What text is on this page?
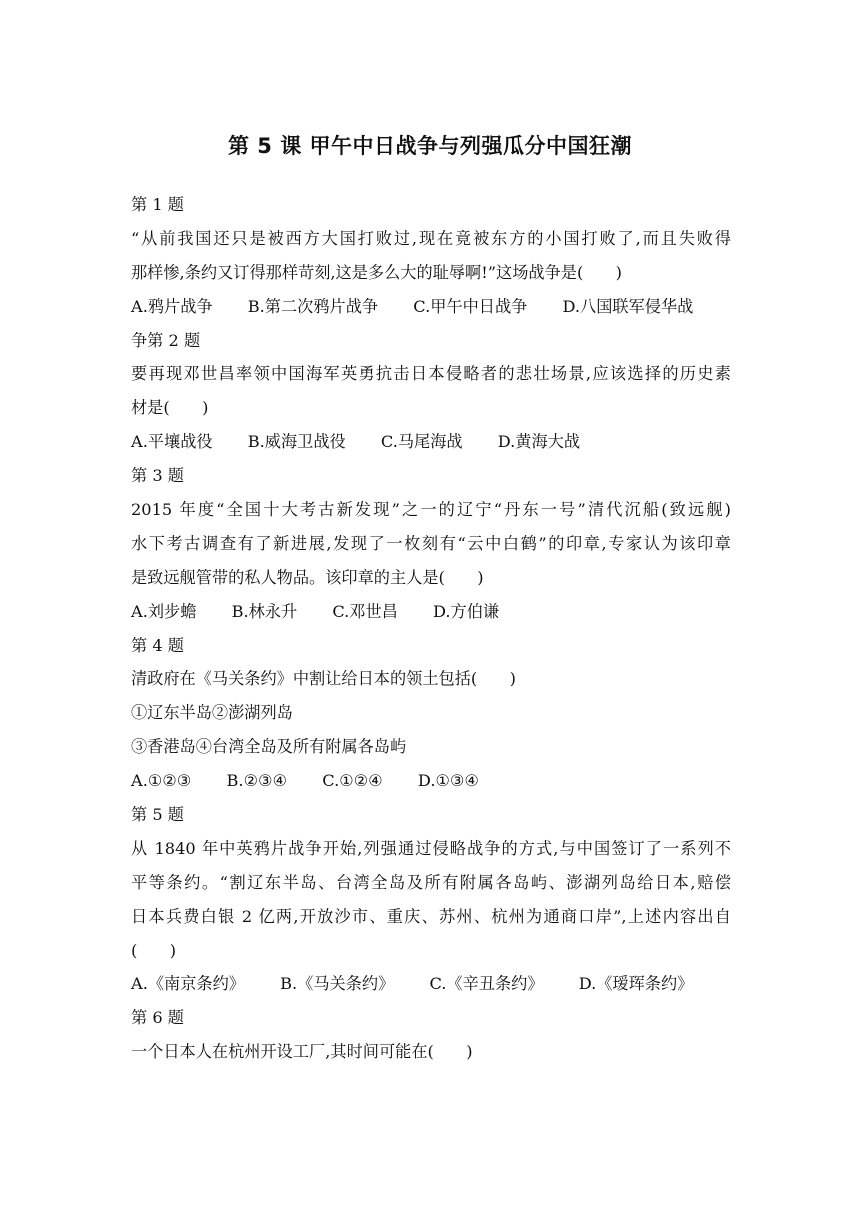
第 5 课 甲午中日战争与列强瓜分中国狂潮
第 1 题
“从前我国还只是被西方大国打败过,现在竟被东方的小国打败了,而且失败得
那样惨,条约又订得那样苛刻,这是多么大的耻辱啊!”这场战争是(　　)
A.鸦片战争 B.第二次鸦片战争 C.甲午中日战争 D.八国联军侵华战
争第 2 题
要再现邓世昌率领中国海军英勇抗击日本侵略者的悲壮场景,应该选择的历史素
材是(　　)
A.平壤战役 B.威海卫战役 C.马尾海战 D.黄海大战
第 3 题
2015 年度“全国十大考古新发现”之一的辽宁“丹东一号”清代沉船(致远舰)
水下考古调查有了新进展,发现了一枚刻有“云中白鹤”的印章,专家认为该印章
是致远舰管带的私人物品。该印章的主人是(　　)
A.刘步蟾 B.林永升 C.邓世昌 D.方伯谦
第 4 题
清政府在《马关条约》中割让给日本的领土包括(　　)
①辽东半岛②澎湖列岛
③香港岛④台湾全岛及所有附属各岛屿
A.①②③ B.②③④ C.①②④ D.①③④
第 5 题
从 1840 年中英鸦片战争开始,列强通过侵略战争的方式,与中国签订了一系列不
平等条约。“割辽东半岛、台湾全岛及所有附属各岛屿、澎湖列岛给日本,赔偿
日本兵费白银 2 亿两,开放沙市、重庆、苏州、杭州为通商口岸”,上述内容出自
(　　)
A.《南京条约》 B.《马关条约》 C.《辛丑条约》 D.《瑷珲条约》
第 6 题
一个日本人在杭州开设工厂,其时间可能在(　　)
